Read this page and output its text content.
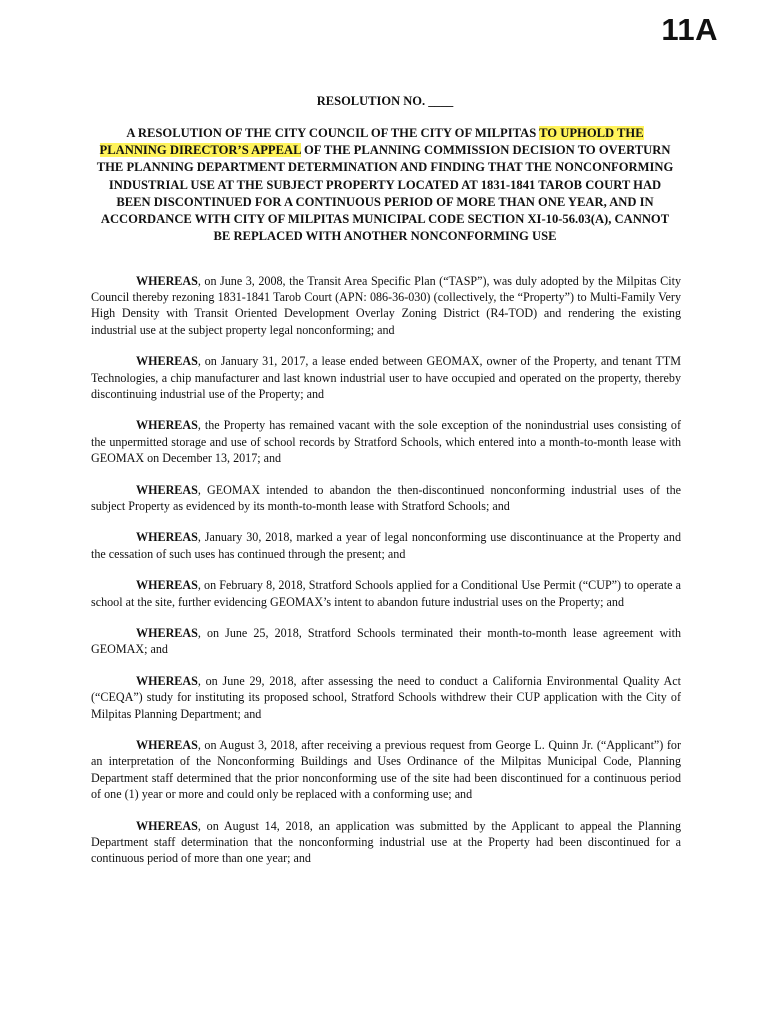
11A
RESOLUTION NO. ____
A RESOLUTION OF THE CITY COUNCIL OF THE CITY OF MILPITAS TO UPHOLD THE PLANNING DIRECTOR’S APPEAL OF THE PLANNING COMMISSION DECISION TO OVERTURN THE PLANNING DEPARTMENT DETERMINATION AND FINDING THAT THE NONCONFORMING INDUSTRIAL USE AT THE SUBJECT PROPERTY LOCATED AT 1831-1841 TAROB COURT HAD BEEN DISCONTINUED FOR A CONTINUOUS PERIOD OF MORE THAN ONE YEAR, AND IN ACCORDANCE WITH CITY OF MILPITAS MUNICIPAL CODE SECTION XI-10-56.03(A), CANNOT BE REPLACED WITH ANOTHER NONCONFORMING USE

WHEREAS, on June 3, 2008, the Transit Area Specific Plan (“TASP”), was duly adopted by the Milpitas City Council thereby rezoning 1831-1841 Tarob Court (APN: 086-36-030) (collectively, the “Property”) to Multi-Family Very High Density with Transit Oriented Development Overlay Zoning District (R4-TOD) and rendering the existing industrial use at the subject property legal nonconforming; and

WHEREAS, on January 31, 2017, a lease ended between GEOMAX, owner of the Property, and tenant TTM Technologies, a chip manufacturer and last known industrial user to have occupied and operated on the property, thereby discontinuing industrial use of the Property; and

WHEREAS, the Property has remained vacant with the sole exception of the nonindustrial uses consisting of the unpermitted storage and use of school records by Stratford Schools, which entered into a month-to-month lease with GEOMAX on December 13, 2017; and

WHEREAS, GEOMAX intended to abandon the then-discontinued nonconforming industrial uses of the subject Property as evidenced by its month-to-month lease with Stratford Schools; and

WHEREAS, January 30, 2018, marked a year of legal nonconforming use discontinuance at the Property and the cessation of such uses has continued through the present; and

WHEREAS, on February 8, 2018, Stratford Schools applied for a Conditional Use Permit (“CUP”) to operate a school at the site, further evidencing GEOMAX’s intent to abandon future industrial uses on the Property; and

WHEREAS, on June 25, 2018, Stratford Schools terminated their month-to-month lease agreement with GEOMAX; and

WHEREAS, on June 29, 2018, after assessing the need to conduct a California Environmental Quality Act (“CEQA”) study for instituting its proposed school, Stratford Schools withdrew their CUP application with the City of Milpitas Planning Department; and

WHEREAS, on August 3, 2018, after receiving a previous request from George L. Quinn Jr. (“Applicant”) for an interpretation of the Nonconforming Buildings and Uses Ordinance of the Milpitas Municipal Code, Planning Department staff determined that the prior nonconforming use of the site had been discontinued for a continuous period of one (1) year or more and could only be replaced with a conforming use; and

WHEREAS, on August 14, 2018, an application was submitted by the Applicant to appeal the Planning Department staff determination that the nonconforming industrial use at the Property had been discontinued for a continuous period of more than one year; and
